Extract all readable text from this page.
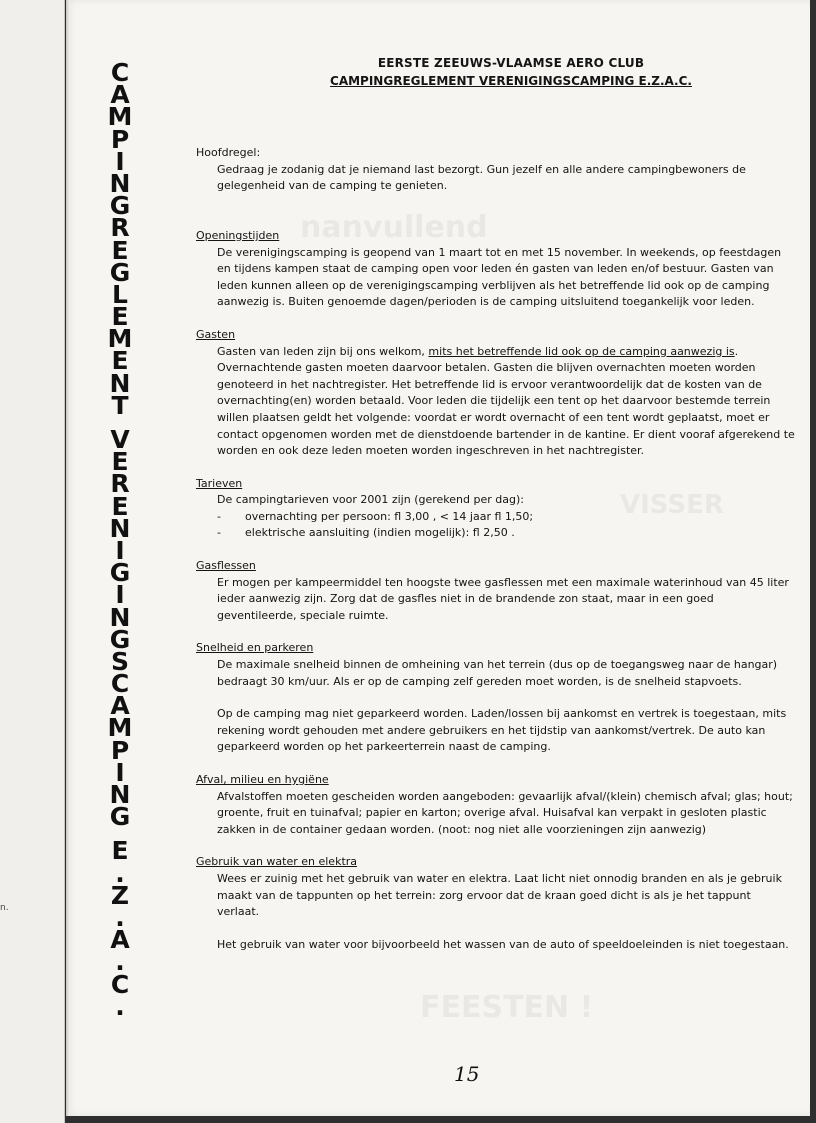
n.
nanvullend
VISSER
FEESTEN !
C
A
M
P
I
N
G
R
E
G
L
E
M
E
N
T

V
E
R
E
N
I
G
I
N
G
S
C
A
M
P
I
N
G

E
.
Z
.
A
.
C
.
EERSTE ZEEUWS-VLAAMSE AERO CLUB
CAMPINGREGLEMENT VERENIGINGSCAMPING E.Z.A.C.
Hoofdregel:

Gedraag je zodanig dat je niemand last bezorgt. Gun jezelf en alle andere campingbewoners de gelegenheid van de camping te genieten.

Openingstijden

De verenigingscamping is geopend van 1 maart tot en met 15 november. In weekends, op feestdagen en tijdens kampen staat de camping open voor leden én gasten van leden en/of bestuur. Gasten van leden kunnen alleen op de verenigingscamping verblijven als het betreffende lid ook op de camping aanwezig is. Buiten genoemde dagen/perioden is de camping uitsluitend toegankelijk voor leden.

Gasten

Gasten van leden zijn bij ons welkom, mits het betreffende lid ook op de camping aanwezig is. Overnachtende gasten moeten daarvoor betalen. Gasten die blijven overnachten moeten worden genoteerd in het nachtregister. Het betreffende lid is ervoor verantwoordelijk dat de kosten van de overnachting(en) worden betaald. Voor leden die tijdelijk een tent op het daarvoor bestemde terrein willen plaatsen geldt het volgende: voordat er wordt overnacht of een tent wordt geplaatst, moet er contact opgenomen worden met de dienstdoende bartender in de kantine. Er dient vooraf afgerekend te worden en ook deze leden moeten worden ingeschreven in het nachtregister.

Tarieven

De campingtarieven voor 2001 zijn (gerekend per dag):

- overnachting per persoon: fl 3,00 , < 14 jaar fl 1,50;
- elektrische aansluiting (indien mogelijk): fl 2,50 .
Gasflessen

Er mogen per kampeermiddel ten hoogste twee gasflessen met een maximale waterinhoud van 45 liter ieder aanwezig zijn. Zorg dat de gasfles niet in de brandende zon staat, maar in een goed geventileerde, speciale ruimte.

Snelheid en parkeren

De maximale snelheid binnen de omheining van het terrein (dus op de toegangsweg naar de hangar) bedraagt 30 km/uur. Als er op de camping zelf gereden moet worden, is de snelheid stapvoets.

Op de camping mag niet geparkeerd worden. Laden/lossen bij aankomst en vertrek is toegestaan, mits rekening wordt gehouden met andere gebruikers en het tijdstip van aankomst/vertrek. De auto kan geparkeerd worden op het parkeerterrein naast de camping.

Afval, milieu en hygiëne

Afvalstoffen moeten gescheiden worden aangeboden: gevaarlijk afval/(klein) chemisch afval; glas; hout; groente, fruit en tuinafval; papier en karton; overige afval. Huisafval kan verpakt in gesloten plastic zakken in de container gedaan worden. (noot: nog niet alle voorzieningen zijn aanwezig)

Gebruik van water en elektra

Wees er zuinig met het gebruik van water en elektra. Laat licht niet onnodig branden en als je gebruik maakt van de tappunten op het terrein: zorg ervoor dat de kraan goed dicht is als je het tappunt verlaat.

Het gebruik van water voor bijvoorbeeld het wassen van de auto of speeldoeleinden is niet toegestaan.

15
